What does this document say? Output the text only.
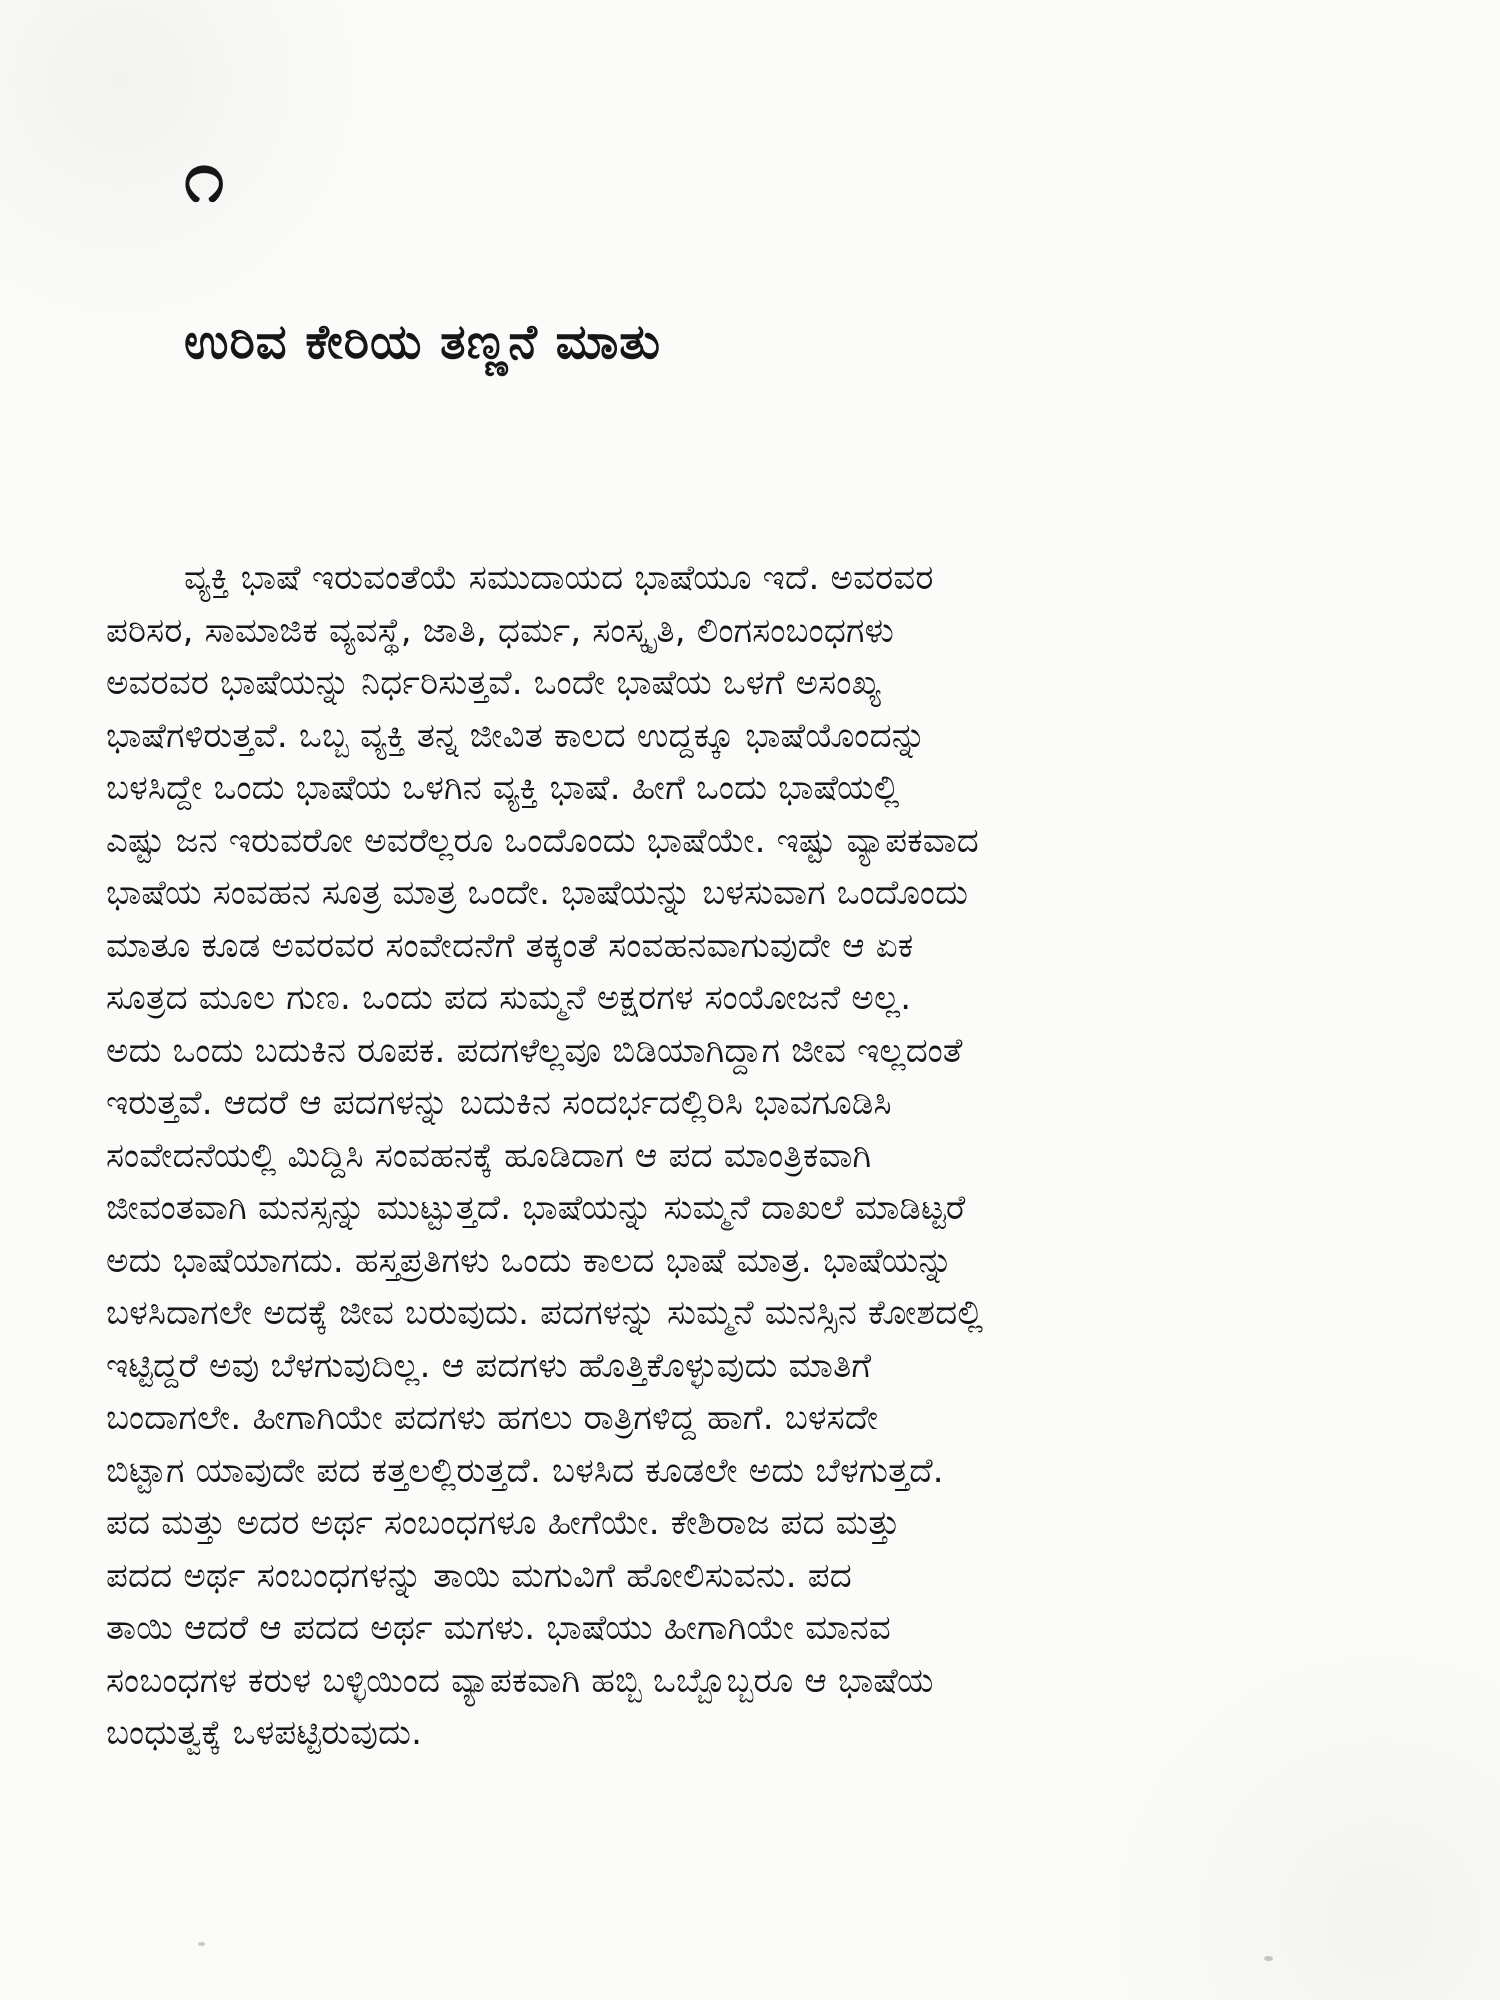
೧
ಉರಿವ ಕೇರಿಯ ತಣ್ಣನೆ ಮಾತು
ವ್ಯಕ್ತಿ ಭಾಷೆ ಇರುವಂತೆಯೆ ಸಮುದಾಯದ ಭಾಷೆಯೂ ಇದೆ. ಅವರವರ
ಪರಿಸರ, ಸಾಮಾಜಿಕ ವ್ಯವಸ್ಥೆ, ಜಾತಿ, ಧರ್ಮ, ಸಂಸ್ಕೃತಿ, ಲಿಂಗಸಂಬಂಧಗಳು
ಅವರವರ ಭಾಷೆಯನ್ನು ನಿರ್ಧರಿಸುತ್ತವೆ. ಒಂದೇ ಭಾಷೆಯ ಒಳಗೆ ಅಸಂಖ್ಯ
ಭಾಷೆಗಳಿರುತ್ತವೆ. ಒಬ್ಬ ವ್ಯಕ್ತಿ ತನ್ನ ಜೀವಿತ ಕಾಲದ ಉದ್ದಕ್ಕೂ ಭಾಷೆಯೊಂದನ್ನು
ಬಳಸಿದ್ದೇ ಒಂದು ಭಾಷೆಯ ಒಳಗಿನ ವ್ಯಕ್ತಿ ಭಾಷೆ. ಹೀಗೆ ಒಂದು ಭಾಷೆಯಲ್ಲಿ
ಎಷ್ಟು ಜನ ಇರುವರೋ ಅವರೆಲ್ಲರೂ ಒಂದೊಂದು ಭಾಷೆಯೇ. ಇಷ್ಟು ವ್ಯಾಪಕವಾದ
ಭಾಷೆಯ ಸಂವಹನ ಸೂತ್ರ ಮಾತ್ರ ಒಂದೇ. ಭಾಷೆಯನ್ನು ಬಳಸುವಾಗ ಒಂದೊಂದು
ಮಾತೂ ಕೂಡ ಅವರವರ ಸಂವೇದನೆಗೆ ತಕ್ಕಂತೆ ಸಂವಹನವಾಗುವುದೇ ಆ ಏಕ
ಸೂತ್ರದ ಮೂಲ ಗುಣ. ಒಂದು ಪದ ಸುಮ್ಮನೆ ಅಕ್ಷರಗಳ ಸಂಯೋಜನೆ ಅಲ್ಲ.
ಅದು ಒಂದು ಬದುಕಿನ ರೂಪಕ. ಪದಗಳೆಲ್ಲವೂ ಬಿಡಿಯಾಗಿದ್ದಾಗ ಜೀವ ಇಲ್ಲದಂತೆ
ಇರುತ್ತವೆ. ಆದರೆ ಆ ಪದಗಳನ್ನು ಬದುಕಿನ ಸಂದರ್ಭದಲ್ಲಿರಿಸಿ ಭಾವಗೂಡಿಸಿ
ಸಂವೇದನೆಯಲ್ಲಿ ಮಿದ್ದಿಸಿ ಸಂವಹನಕ್ಕೆ ಹೂಡಿದಾಗ ಆ ಪದ ಮಾಂತ್ರಿಕವಾಗಿ
ಜೀವಂತವಾಗಿ ಮನಸ್ಸನ್ನು ಮುಟ್ಟುತ್ತದೆ. ಭಾಷೆಯನ್ನು ಸುಮ್ಮನೆ ದಾಖಲೆ ಮಾಡಿಟ್ಟರೆ
ಅದು ಭಾಷೆಯಾಗದು. ಹಸ್ತಪ್ರತಿಗಳು ಒಂದು ಕಾಲದ ಭಾಷೆ ಮಾತ್ರ. ಭಾಷೆಯನ್ನು
ಬಳಸಿದಾಗಲೇ ಅದಕ್ಕೆ ಜೀವ ಬರುವುದು. ಪದಗಳನ್ನು ಸುಮ್ಮನೆ ಮನಸ್ಸಿನ ಕೋಶದಲ್ಲಿ
ಇಟ್ಟಿದ್ದರೆ ಅವು ಬೆಳಗುವುದಿಲ್ಲ. ಆ ಪದಗಳು ಹೊತ್ತಿಕೊಳ್ಳುವುದು ಮಾತಿಗೆ
ಬಂದಾಗಲೇ. ಹೀಗಾಗಿಯೇ ಪದಗಳು ಹಗಲು ರಾತ್ರಿಗಳಿದ್ದ ಹಾಗೆ. ಬಳಸದೇ
ಬಿಟ್ಟಾಗ ಯಾವುದೇ ಪದ ಕತ್ತಲಲ್ಲಿರುತ್ತದೆ. ಬಳಸಿದ ಕೂಡಲೇ ಅದು ಬೆಳಗುತ್ತದೆ.
ಪದ ಮತ್ತು ಅದರ ಅರ್ಥ ಸಂಬಂಧಗಳೂ ಹೀಗೆಯೇ. ಕೇಶಿರಾಜ ಪದ ಮತ್ತು
ಪದದ ಅರ್ಥ ಸಂಬಂಧಗಳನ್ನು ತಾಯಿ ಮಗುವಿಗೆ ಹೋಲಿಸುವನು. ಪದ
ತಾಯಿ ಆದರೆ ಆ ಪದದ ಅರ್ಥ ಮಗಳು. ಭಾಷೆಯು ಹೀಗಾಗಿಯೇ ಮಾನವ
ಸಂಬಂಧಗಳ ಕರುಳ ಬಳ್ಳಿಯಿಂದ ವ್ಯಾಪಕವಾಗಿ ಹಬ್ಬಿ ಒಬ್ಬೊಬ್ಬರೂ ಆ ಭಾಷೆಯ
ಬಂಧುತ್ವಕ್ಕೆ ಒಳಪಟ್ಟಿರುವುದು.
